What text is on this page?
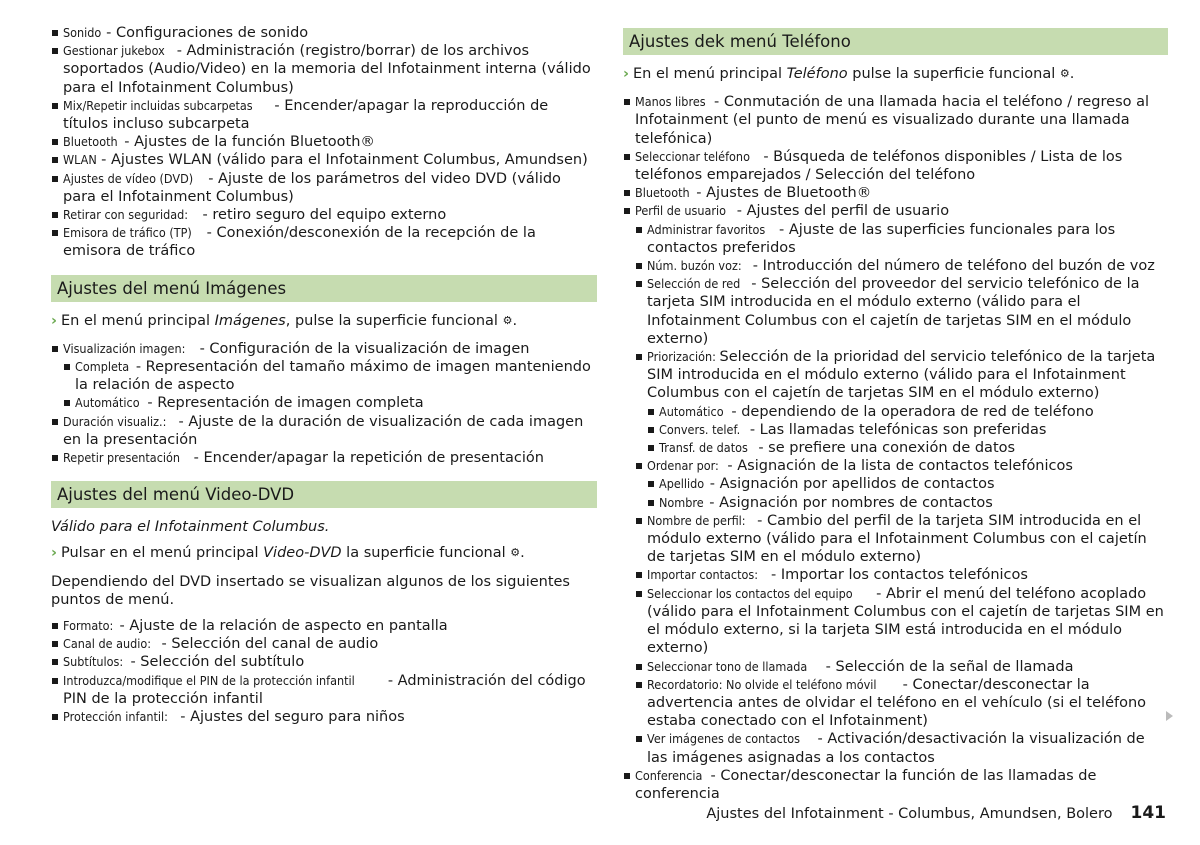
Sonido - Configuraciones de sonido

Gestionar jukebox - Administración (registro/borrar) de los archivos soportados (Audio/Video) en la memoria del Infotainment interna (válido para el Infotainment Columbus)

Mix/Repetir incluidas subcarpetas - Encender/apagar la reproducción de títulos incluso subcarpeta

Bluetooth - Ajustes de la función Bluetooth®

WLAN - Ajustes WLAN (válido para el Infotainment Columbus, Amundsen)

Ajustes de vídeo (DVD) - Ajuste de los parámetros del video DVD (válido para el Infotainment Columbus)

Retirar con seguridad: - retiro seguro del equipo externo

Emisora de tráfico (TP) - Conexión/desconexión de la recepción de la emisora de tráfico

Ajustes del menú Imágenes

› En el menú principal Imágenes, pulse la superficie funcional ⚙.

Visualización imagen: - Configuración de la visualización de imagen

Completa - Representación del tamaño máximo de imagen manteniendo la relación de aspecto

Automático - Representación de imagen completa

Duración visualiz.: - Ajuste de la duración de visualización de cada imagen en la presentación

Repetir presentación - Encender/apagar la repetición de presentación

Ajustes del menú Video-DVD

Válido para el Infotainment Columbus.

› Pulsar en el menú principal Video-DVD la superficie funcional ⚙.

Dependiendo del DVD insertado se visualizan algunos de los siguientes puntos de menú.

Formato: - Ajuste de la relación de aspecto en pantalla

Canal de audio: - Selección del canal de audio

Subtítulos: - Selección del subtítulo

Introduzca/modifique el PIN de la protección infantil - Administración del código PIN de la protección infantil

Protección infantil: - Ajustes del seguro para niños

Ajustes dek menú Teléfono

› En el menú principal Teléfono pulse la superficie funcional ⚙.

Manos libres - Conmutación de una llamada hacia el teléfono / regreso al Infotainment (el punto de menú es visualizado durante una llamada telefónica)

Seleccionar teléfono - Búsqueda de teléfonos disponibles / Lista de los teléfonos emparejados / Selección del teléfono

Bluetooth - Ajustes de Bluetooth®

Perfil de usuario - Ajustes del perfil de usuario

Administrar favoritos - Ajuste de las superficies funcionales para los contactos preferidos

Núm. buzón voz: - Introducción del número de teléfono del buzón de voz

Selección de red - Selección del proveedor del servicio telefónico de la tarjeta SIM introducida en el módulo externo (válido para el Infotainment Columbus con el cajetín de tarjetas SIM en el módulo externo)

Priorización: Selección de la prioridad del servicio telefónico de la tarjeta SIM introducida en el módulo externo (válido para el Infotainment Columbus con el cajetín de tarjetas SIM en el módulo externo)

Automático - dependiendo de la operadora de red de teléfono

Convers. telef. - Las llamadas telefónicas son preferidas

Transf. de datos - se prefiere una conexión de datos

Ordenar por: - Asignación de la lista de contactos telefónicos

Apellido - Asignación por apellidos de contactos

Nombre - Asignación por nombres de contactos

Nombre de perfil: - Cambio del perfil de la tarjeta SIM introducida en el módulo externo (válido para el Infotainment Columbus con el cajetín de tarjetas SIM en el módulo externo)

Importar contactos: - Importar los contactos telefónicos

Seleccionar los contactos del equipo - Abrir el menú del teléfono acoplado (válido para el Infotainment Columbus con el cajetín de tarjetas SIM en el módulo externo, si la tarjeta SIM está introducida en el módulo externo)

Seleccionar tono de llamada - Selección de la señal de llamada

Recordatorio: No olvide el teléfono móvil - Conectar/desconectar la advertencia antes de olvidar el teléfono en el vehículo (si el teléfono estaba conectado con el Infotainment)

Ver imágenes de contactos - Activación/desactivación la visualización de las imágenes asignadas a los contactos

Conferencia - Conectar/desconectar la función de las llamadas de conferencia

Ajustes del Infotainment - Columbus, Amundsen, Bolero 141
